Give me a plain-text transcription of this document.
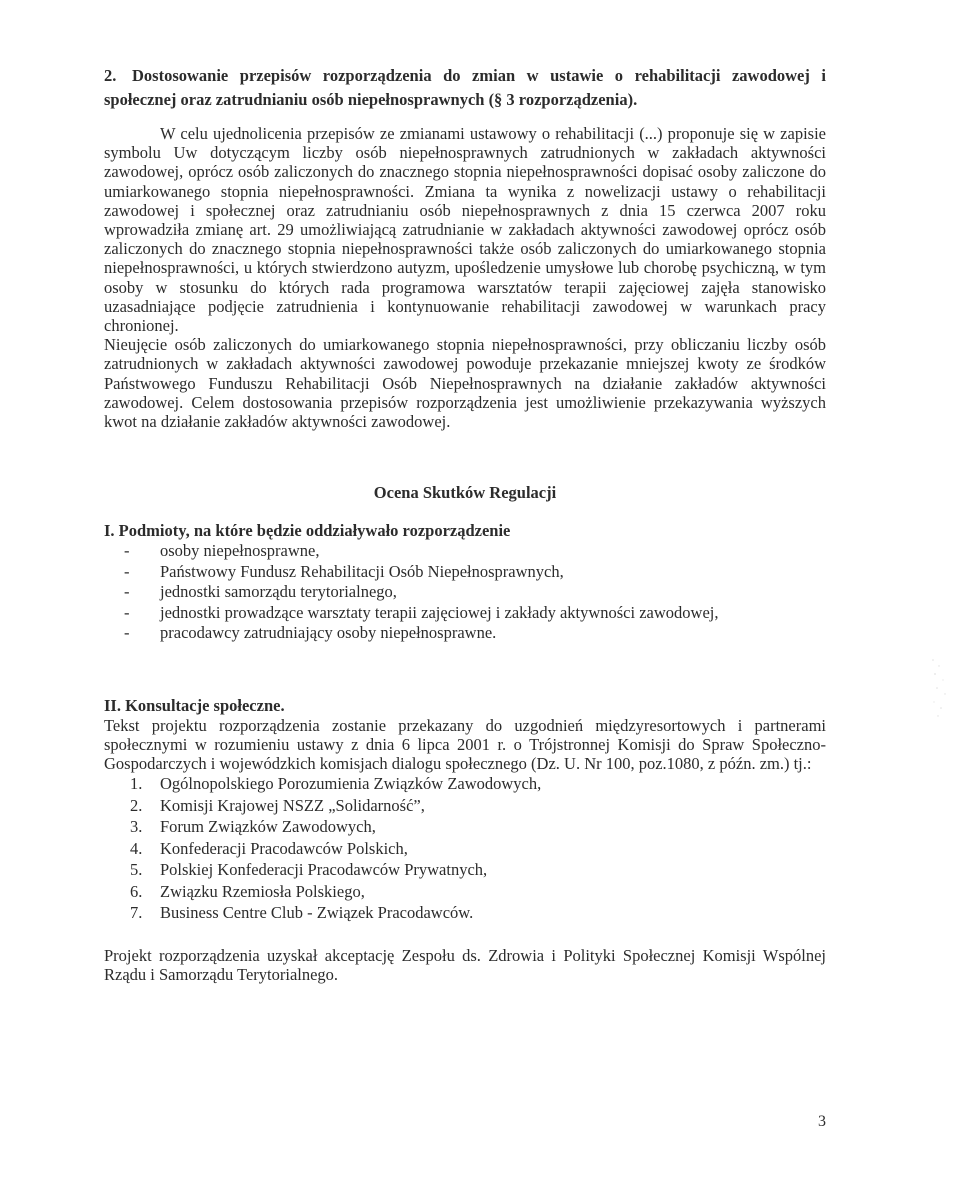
2. Dostosowanie przepisów rozporządzenia do zmian w ustawie o rehabilitacji zawodowej i społecznej oraz zatrudnianiu osób niepełnosprawnych (§ 3 rozporządzenia).

W celu ujednolicenia przepisów ze zmianami ustawowy o rehabilitacji (...) proponuje się w zapisie symbolu Uw dotyczącym liczby osób niepełnosprawnych zatrudnionych w zakładach aktywności zawodowej, oprócz osób zaliczonych do znacznego stopnia niepełnosprawności dopisać osoby zaliczone do umiarkowanego stopnia niepełnosprawności. Zmiana ta wynika z nowelizacji ustawy o rehabilitacji zawodowej i społecznej oraz zatrudnianiu osób niepełnosprawnych z dnia 15 czerwca 2007 roku wprowadziła zmianę art. 29 umożliwiającą zatrudnianie w zakładach aktywności zawodowej oprócz osób zaliczonych do znacznego stopnia niepełnosprawności także osób zaliczonych do umiarkowanego stopnia niepełnosprawności, u których stwierdzono autyzm, upośledzenie umysłowe lub chorobę psychiczną, w tym osoby w stosunku do których rada programowa warsztatów terapii zajęciowej zajęła stanowisko uzasadniające podjęcie zatrudnienia i kontynuowanie rehabilitacji zawodowej w warunkach pracy chronionej.

Nieujęcie osób zaliczonych do umiarkowanego stopnia niepełnosprawności, przy obliczaniu liczby osób zatrudnionych w zakładach aktywności zawodowej powoduje przekazanie mniejszej kwoty ze środków Państwowego Funduszu Rehabilitacji Osób Niepełnosprawnych na działanie zakładów aktywności zawodowej. Celem dostosowania przepisów rozporządzenia jest umożliwienie przekazywania wyższych kwot na działanie zakładów aktywności zawodowej.

Ocena Skutków Regulacji
I. Podmioty, na które będzie oddziaływało rozporządzenie
- osoby niepełnosprawne,
- Państwowy Fundusz Rehabilitacji Osób Niepełnosprawnych,
- jednostki samorządu terytorialnego,
- jednostki prowadzące warsztaty terapii zajęciowej i zakłady aktywności zawodowej,
- pracodawcy zatrudniający osoby niepełnosprawne.
II. Konsultacje społeczne.

Tekst projektu rozporządzenia zostanie przekazany do uzgodnień międzyresortowych i partnerami społecznymi w rozumieniu ustawy z dnia 6 lipca 2001 r. o Trójstronnej Komisji do Spraw Społeczno-Gospodarczych i wojewódzkich komisjach dialogu społecznego (Dz. U. Nr 100, poz.1080, z późn. zm.) tj.:

1. Ogólnopolskiego Porozumienia Związków Zawodowych,
2. Komisji Krajowej NSZZ „Solidarność”,
3. Forum Związków Zawodowych,
4. Konfederacji Pracodawców Polskich,
5. Polskiej Konfederacji Pracodawców Prywatnych,
6. Związku Rzemiosła Polskiego,
7. Business Centre Club - Związek Pracodawców.

Projekt rozporządzenia uzyskał akceptację Zespołu ds. Zdrowia i Polityki Społecznej Komisji Wspólnej Rządu i Samorządu Terytorialnego.

3
